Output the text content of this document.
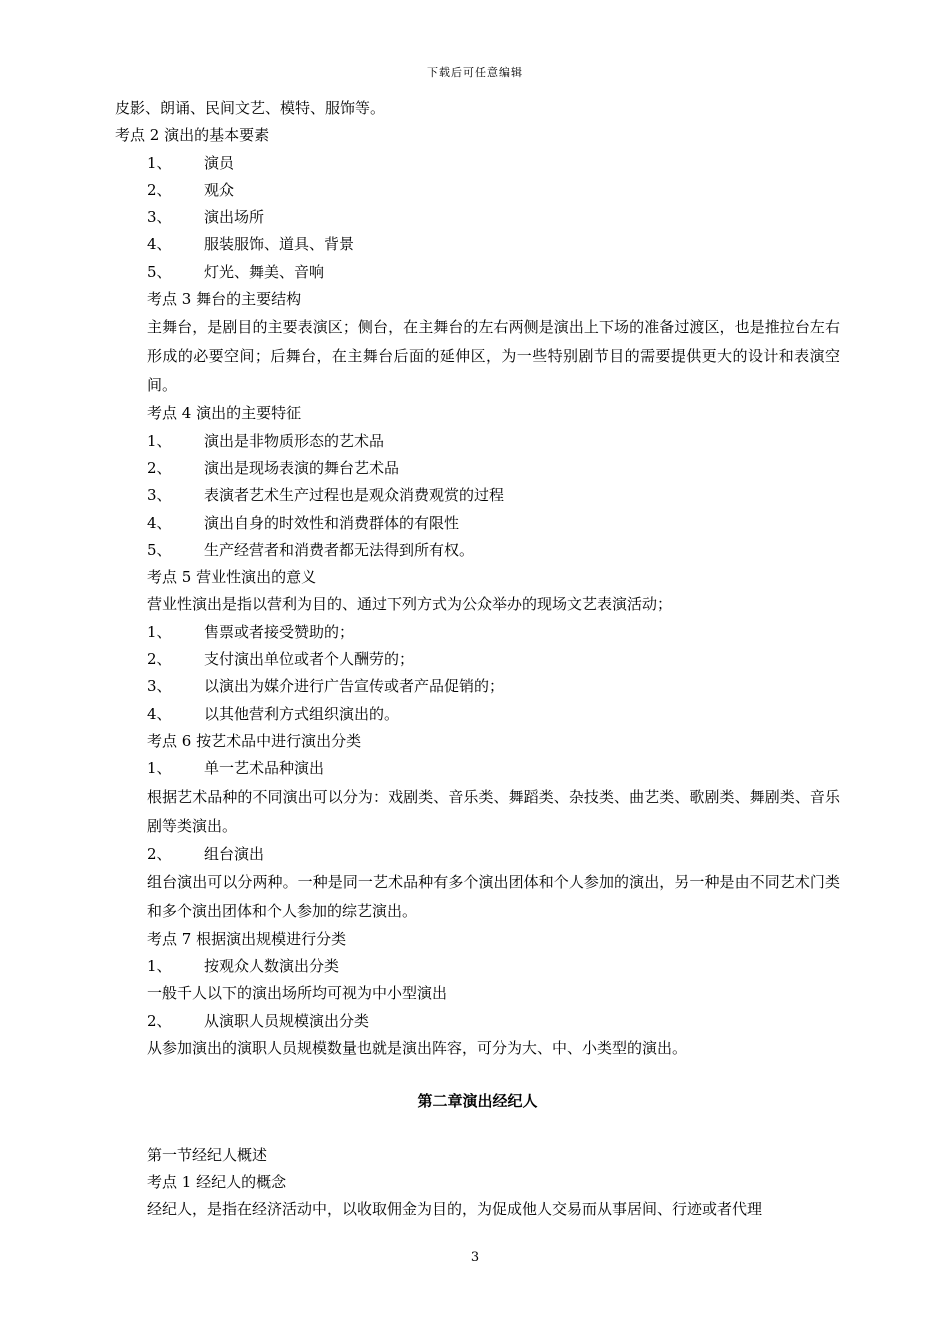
下载后可任意编辑
皮影、朗诵、民间文艺、模特、服饰等。
考点 2 演出的基本要素
1、 演员
2、 观众
3、 演出场所
4、 服装服饰、道具、背景
5、 灯光、舞美、音响
考点 3 舞台的主要结构
主舞台，是剧目的主要表演区；侧台，在主舞台的左右两侧是演出上下场的准备过渡区，也是推拉台左右形成的必要空间；后舞台，在主舞台后面的延伸区，为一些特别剧节目的需要提供更大的设计和表演空间。
考点 4 演出的主要特征
1、 演出是非物质形态的艺术品
2、 演出是现场表演的舞台艺术品
3、 表演者艺术生产过程也是观众消费观赏的过程
4、 演出自身的时效性和消费群体的有限性
5、 生产经营者和消费者都无法得到所有权。
考点 5 营业性演出的意义
营业性演出是指以营利为目的、通过下列方式为公众举办的现场文艺表演活动；
1、 售票或者接受赞助的；
2、 支付演出单位或者个人酬劳的；
3、 以演出为媒介进行广告宣传或者产品促销的；
4、 以其他营利方式组织演出的。
考点 6 按艺术品中进行演出分类
1、 单一艺术品种演出
根据艺术品种的不同演出可以分为：戏剧类、音乐类、舞蹈类、杂技类、曲艺类、歌剧类、舞剧类、音乐剧等类演出。
2、 组台演出
组台演出可以分两种。一种是同一艺术品种有多个演出团体和个人参加的演出，另一种是由不同艺术门类和多个演出团体和个人参加的综艺演出。
考点 7 根据演出规模进行分类
1、 按观众人数演出分类
一般千人以下的演出场所均可视为中小型演出
2、 从演职人员规模演出分类
从参加演出的演职人员规模数量也就是演出阵容，可分为大、中、小类型的演出。
第二章演出经纪人
第一节经纪人概述
考点 1 经纪人的概念
经纪人，是指在经济活动中，以收取佣金为目的，为促成他人交易而从事居间、行迹或者代理
3
